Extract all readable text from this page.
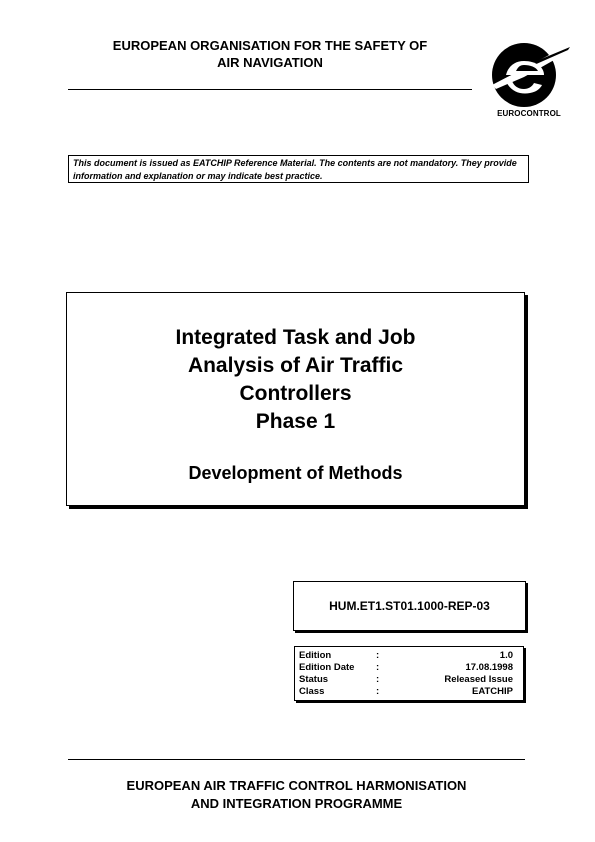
EUROPEAN ORGANISATION FOR THE SAFETY OF
AIR NAVIGATION
EUROCONTROL
This document is issued as EATCHIP Reference Material. The contents are not mandatory. They provide information and explanation or may indicate best practice.
Integrated Task and Job
Analysis of Air Traffic
Controllers
Phase 1
Development of Methods
HUM.ET1.ST01.1000-REP-03
Edition	:	1.0
Edition Date	:	17.08.1998
Status	:	Released Issue
Class	:	EATCHIP
EUROPEAN AIR TRAFFIC CONTROL HARMONISATION
AND INTEGRATION PROGRAMME
